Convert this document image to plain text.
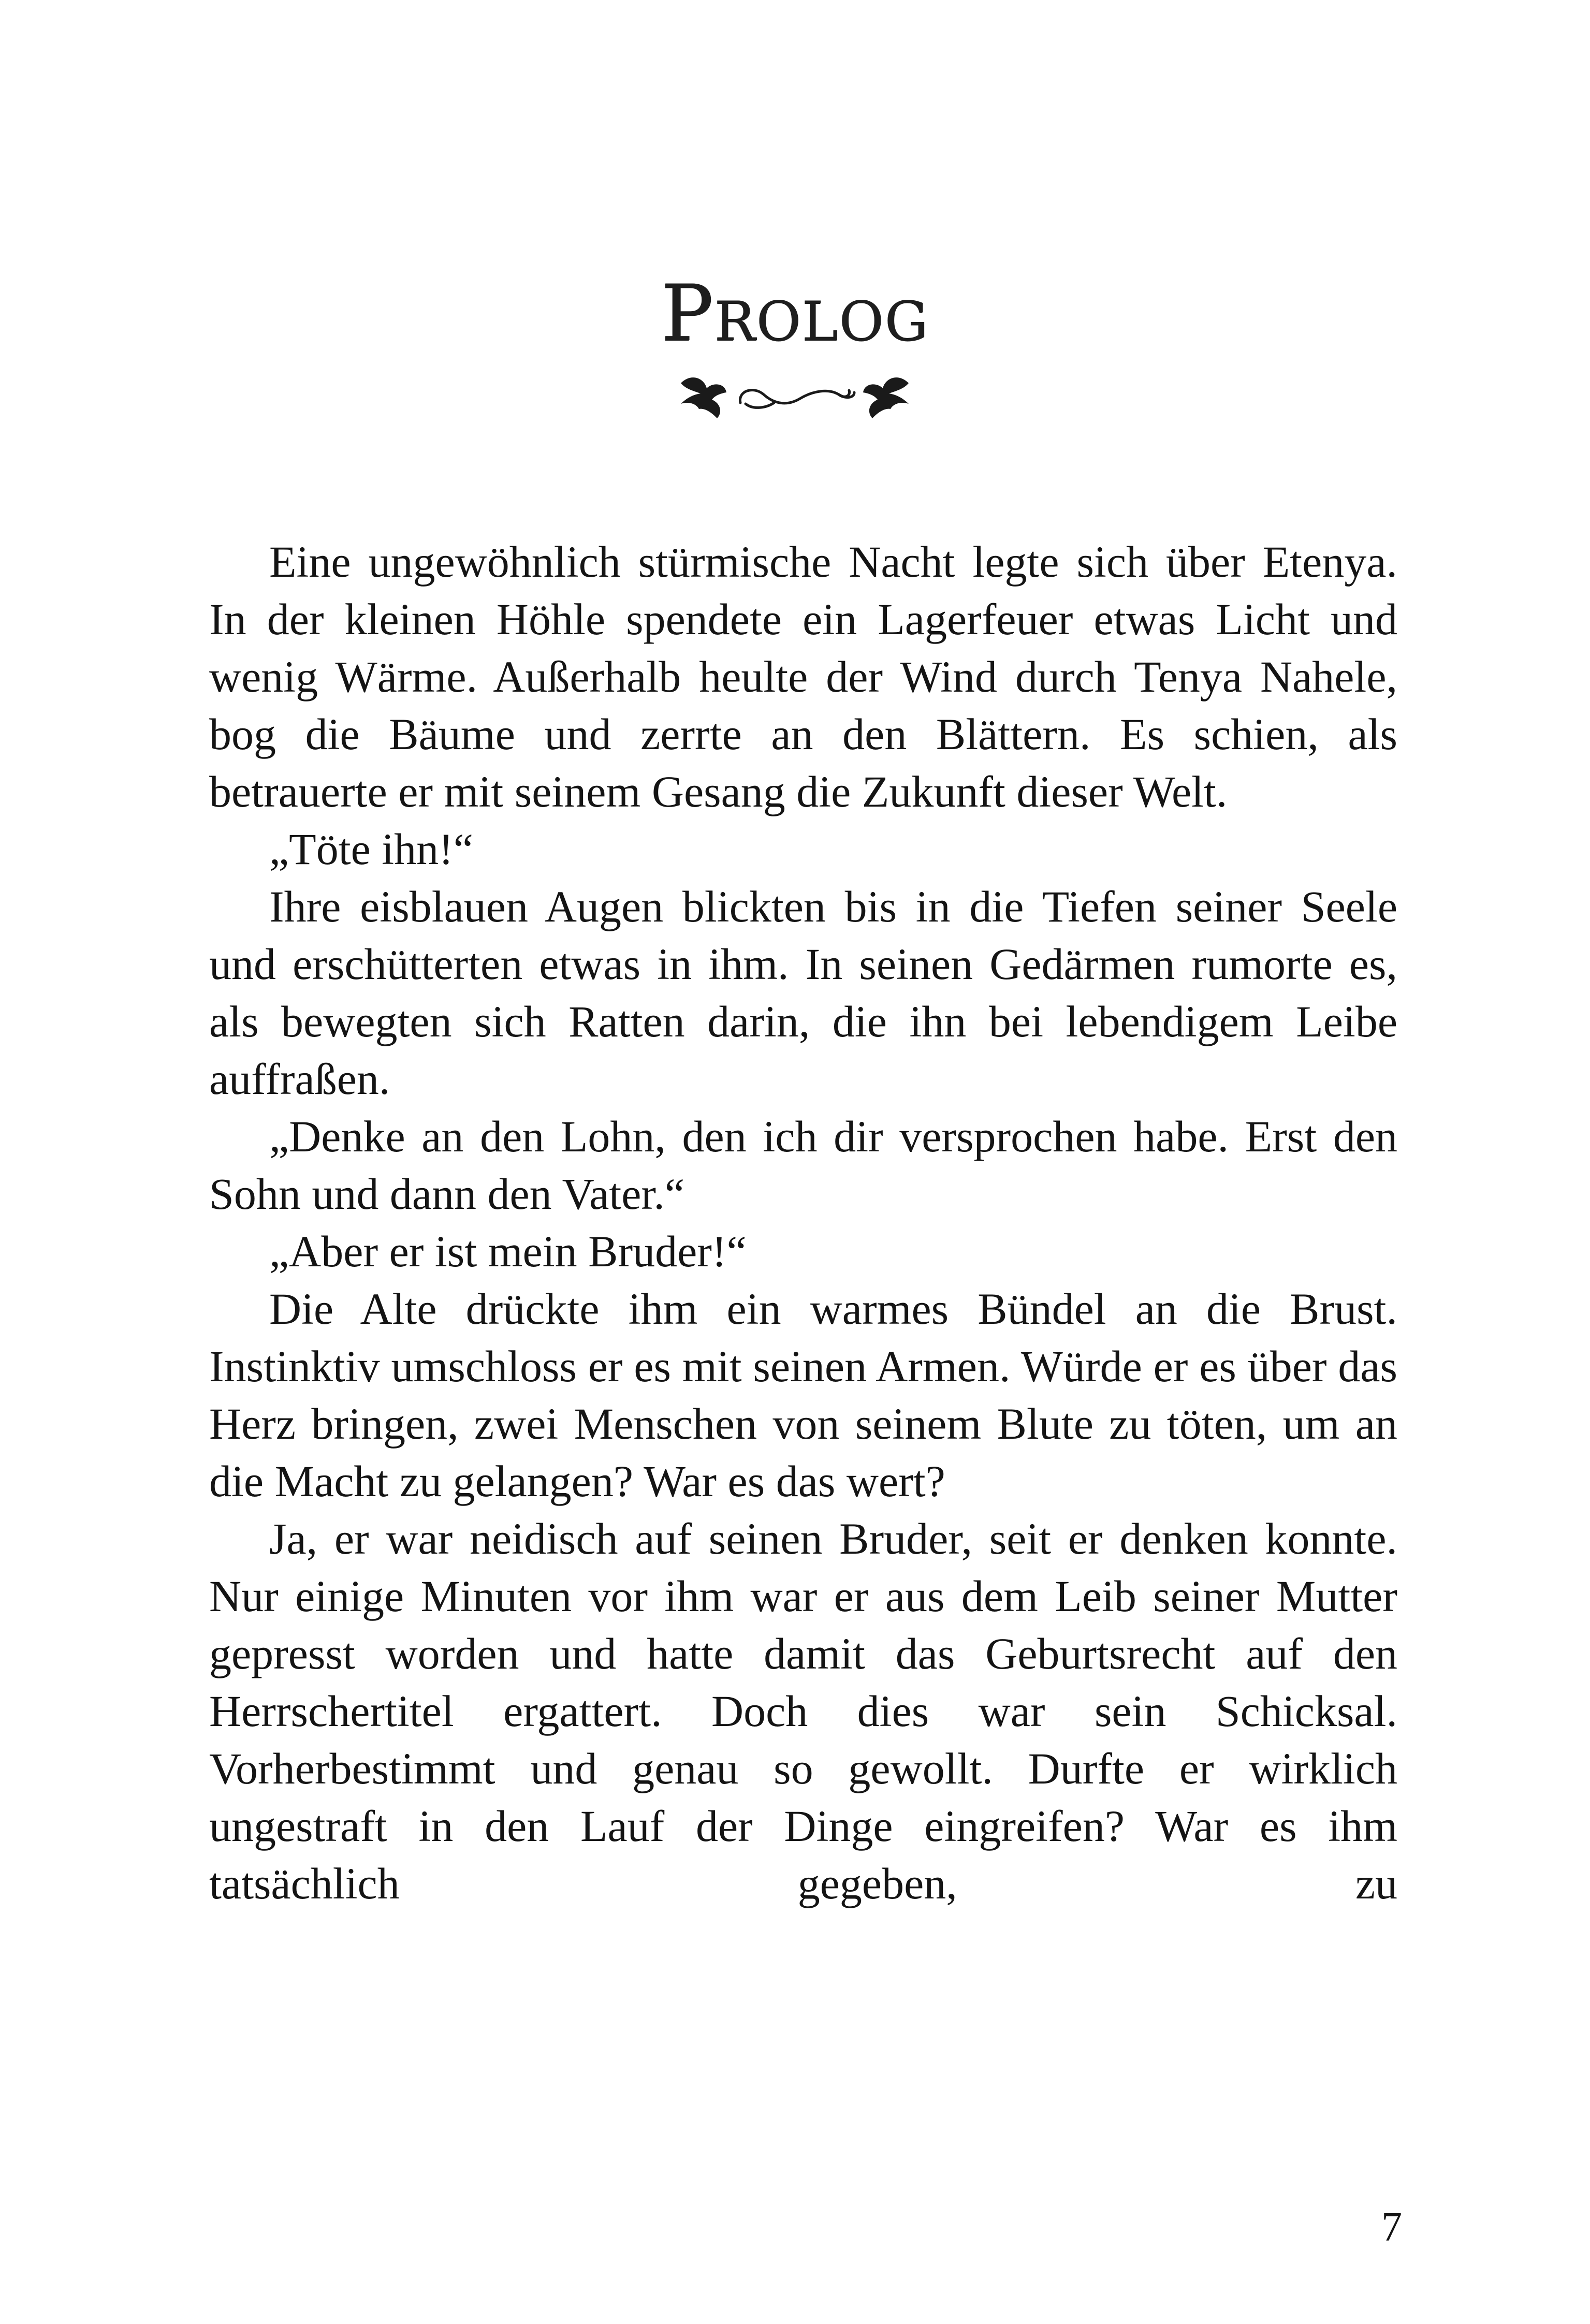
Prolog

Eine ungewöhnlich stürmische Nacht legte sich über Etenya. In der kleinen Höhle spendete ein Lagerfeuer etwas Licht und wenig Wärme. Außerhalb heulte der Wind durch Tenya Nahele, bog die Bäume und zerrte an den Blättern. Es schien, als betrauerte er mit seinem Gesang die Zukunft dieser Welt.

„Töte ihn!“

Ihre eisblauen Augen blickten bis in die Tiefen seiner Seele und erschütterten etwas in ihm. In seinen Gedärmen rumorte es, als bewegten sich Ratten darin, die ihn bei lebendigem Leibe auffraßen.

„Denke an den Lohn, den ich dir versprochen habe. Erst den Sohn und dann den Vater.“

„Aber er ist mein Bruder!“

Die Alte drückte ihm ein warmes Bündel an die Brust. Instinktiv umschloss er es mit seinen Armen. Würde er es über das Herz bringen, zwei Menschen von seinem Blute zu töten, um an die Macht zu gelangen? War es das wert?

Ja, er war neidisch auf seinen Bruder, seit er denken konnte. Nur einige Minuten vor ihm war er aus dem Leib seiner Mutter gepresst worden und hatte damit das Geburtsrecht auf den Herrschertitel ergattert. Doch dies war sein Schicksal. Vorherbestimmt und genau so gewollt. Durfte er wirklich ungestraft in den Lauf der Dinge eingreifen? War es ihm tatsächlich gegeben, zu

7
